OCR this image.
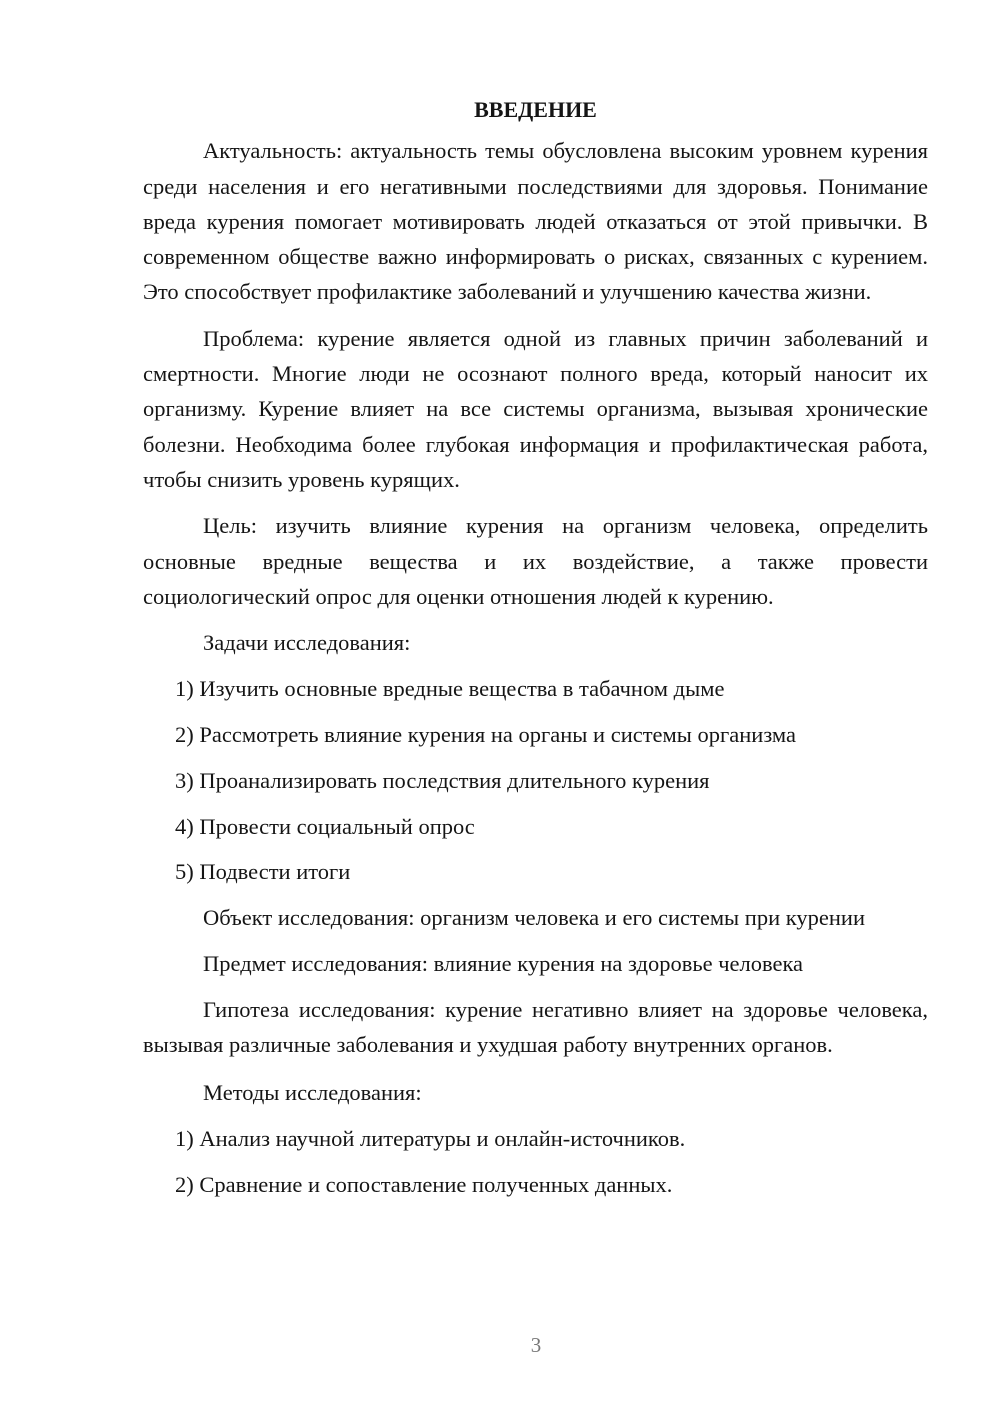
ВВЕДЕНИЕ

Актуальность: актуальность темы обусловлена высоким уровнем курения среди населения и его негативными последствиями для здоровья. Понимание вреда курения помогает мотивировать людей отказаться от этой привычки. В современном обществе важно информировать о рисках, связанных с курением. Это способствует профилактике заболеваний и улучшению качества жизни.

Проблема: курение является одной из главных причин заболеваний и смертности. Многие люди не осознают полного вреда, который наносит их организму. Курение влияет на все системы организма, вызывая хронические болезни. Необходима более глубокая информация и профилактическая работа, чтобы снизить уровень курящих.

Цель: изучить влияние курения на организм человека, определить основные вредные вещества и их воздействие, а также провести социологический опрос для оценки отношения людей к курению.

Задачи исследования:

1) Изучить основные вредные вещества в табачном дыме
2) Рассмотреть влияние курения на органы и системы организма
3) Проанализировать последствия длительного курения
4) Провести социальный опрос
5) Подвести итоги

Объект исследования: организм человека и его системы при курении

Предмет исследования: влияние курения на здоровье человека

Гипотеза исследования: курение негативно влияет на здоровье человека, вызывая различные заболевания и ухудшая работу внутренних органов.

Методы исследования:

1) Анализ научной литературы и онлайн-источников.
2) Сравнение и сопоставление полученных данных.
3
